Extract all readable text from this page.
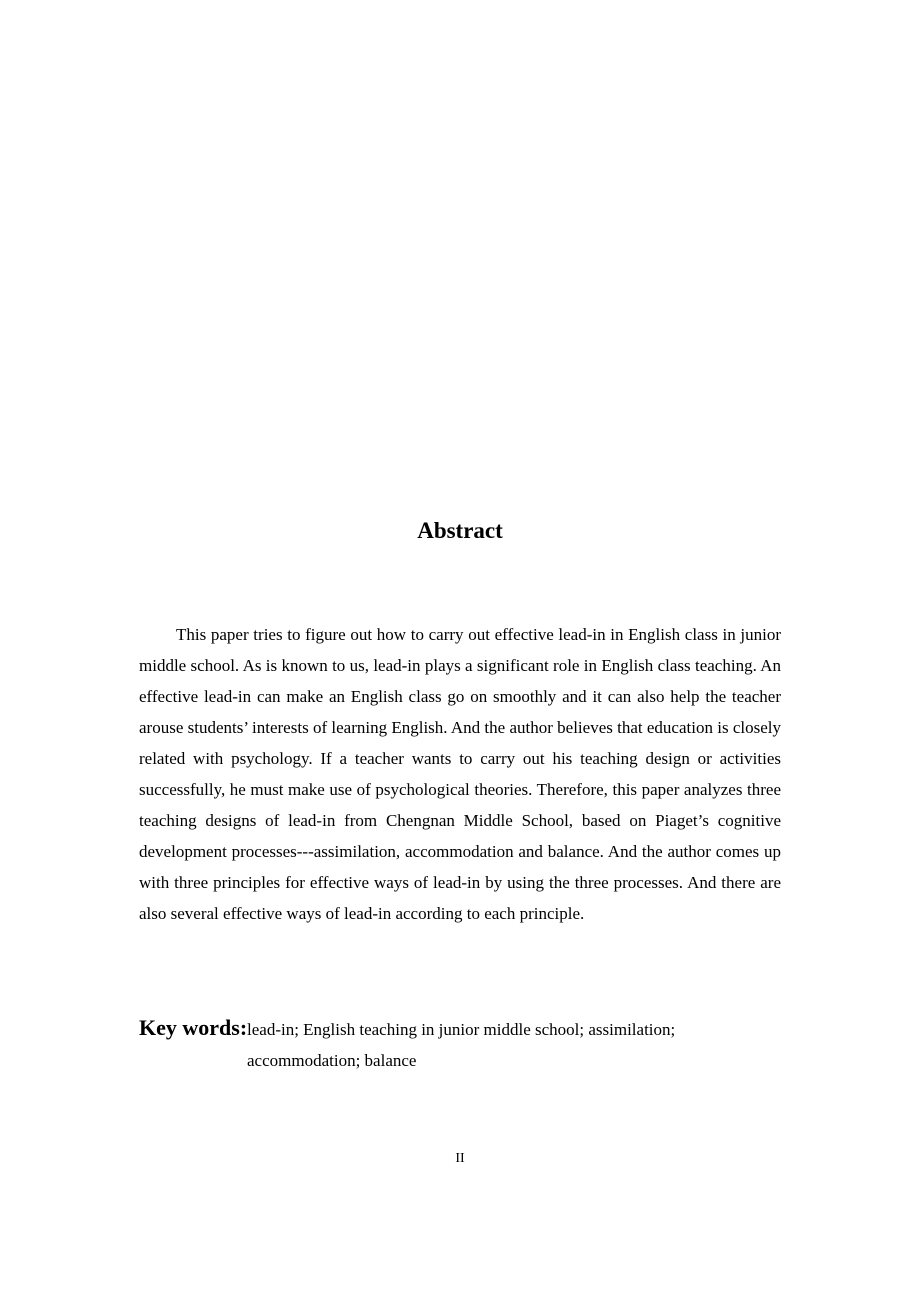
Abstract

This paper tries to figure out how to carry out effective lead-in in English class in junior middle school. As is known to us, lead-in plays a significant role in English class teaching. An effective lead-in can make an English class go on smoothly and it can also help the teacher arouse students’ interests of learning English. And the author believes that education is closely related with psychology. If a teacher wants to carry out his teaching design or activities successfully, he must make use of psychological theories. Therefore, this paper analyzes three teaching designs of lead-in from Chengnan Middle School, based on Piaget’s cognitive development processes---assimilation, accommodation and balance. And the author comes up with three principles for effective ways of lead-in by using the three processes. And there are also several effective ways of lead-in according to each principle.

Key words:lead-in; English teaching in junior middle school; assimilation;
accommodation; balance
II
